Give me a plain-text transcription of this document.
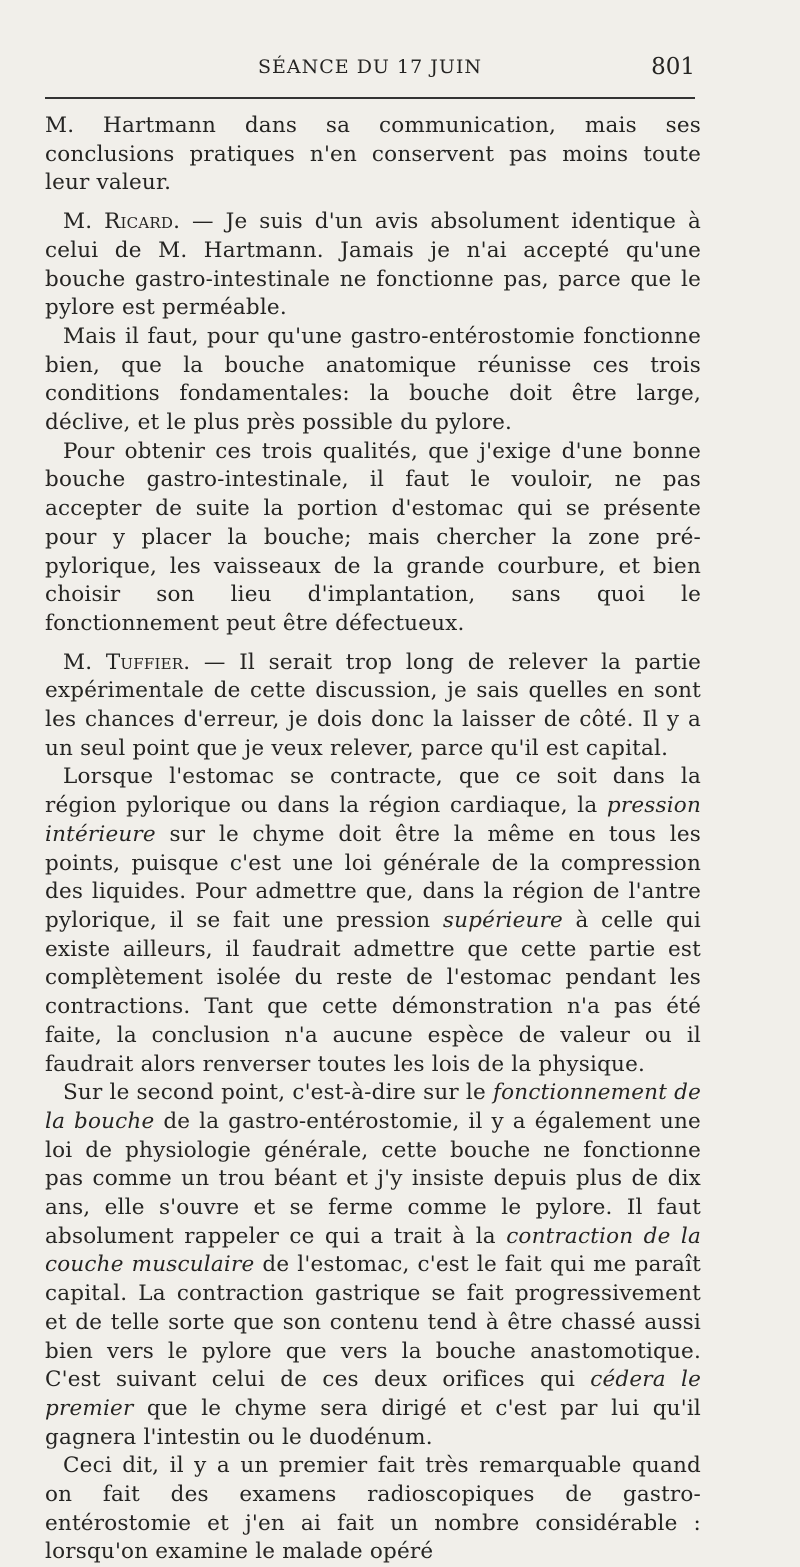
SÉANCE DU 17 JUIN	801

M. Hartmann dans sa communication, mais ses conclusions pratiques n'en conservent pas moins toute leur valeur.

M. Ricard. — Je suis d'un avis absolument identique à celui de M. Hartmann. Jamais je n'ai accepté qu'une bouche gastro-intestinale ne fonctionne pas, parce que le pylore est perméable.

Mais il faut, pour qu'une gastro-entérostomie fonctionne bien, que la bouche anatomique réunisse ces trois conditions fondamentales: la bouche doit être large, déclive, et le plus près possible du pylore.

Pour obtenir ces trois qualités, que j'exige d'une bonne bouche gastro-intestinale, il faut le vouloir, ne pas accepter de suite la portion d'estomac qui se présente pour y placer la bouche; mais chercher la zone pré-pylorique, les vaisseaux de la grande courbure, et bien choisir son lieu d'implantation, sans quoi le fonctionnement peut être défectueux.

M. Tuffier. — Il serait trop long de relever la partie expérimentale de cette discussion, je sais quelles en sont les chances d'erreur, je dois donc la laisser de côté. Il y a un seul point que je veux relever, parce qu'il est capital.

Lorsque l'estomac se contracte, que ce soit dans la région pylorique ou dans la région cardiaque, la pression intérieure sur le chyme doit être la même en tous les points, puisque c'est une loi générale de la compression des liquides. Pour admettre que, dans la région de l'antre pylorique, il se fait une pression supérieure à celle qui existe ailleurs, il faudrait admettre que cette partie est complètement isolée du reste de l'estomac pendant les contractions. Tant que cette démonstration n'a pas été faite, la conclusion n'a aucune espèce de valeur ou il faudrait alors renverser toutes les lois de la physique.

Sur le second point, c'est-à-dire sur le fonctionnement de la bouche de la gastro-entérostomie, il y a également une loi de physiologie générale, cette bouche ne fonctionne pas comme un trou béant et j'y insiste depuis plus de dix ans, elle s'ouvre et se ferme comme le pylore. Il faut absolument rappeler ce qui a trait à la contraction de la couche musculaire de l'estomac, c'est le fait qui me paraît capital. La contraction gastrique se fait progressivement et de telle sorte que son contenu tend à être chassé aussi bien vers le pylore que vers la bouche anastomotique. C'est suivant celui de ces deux orifices qui cédera le premier que le chyme sera dirigé et c'est par lui qu'il gagnera l'intestin ou le duodénum.

Ceci dit, il y a un premier fait très remarquable quand on fait des examens radioscopiques de gastro-entérostomie et j'en ai fait un nombre considérable : lorsqu'on examine le malade opéré
